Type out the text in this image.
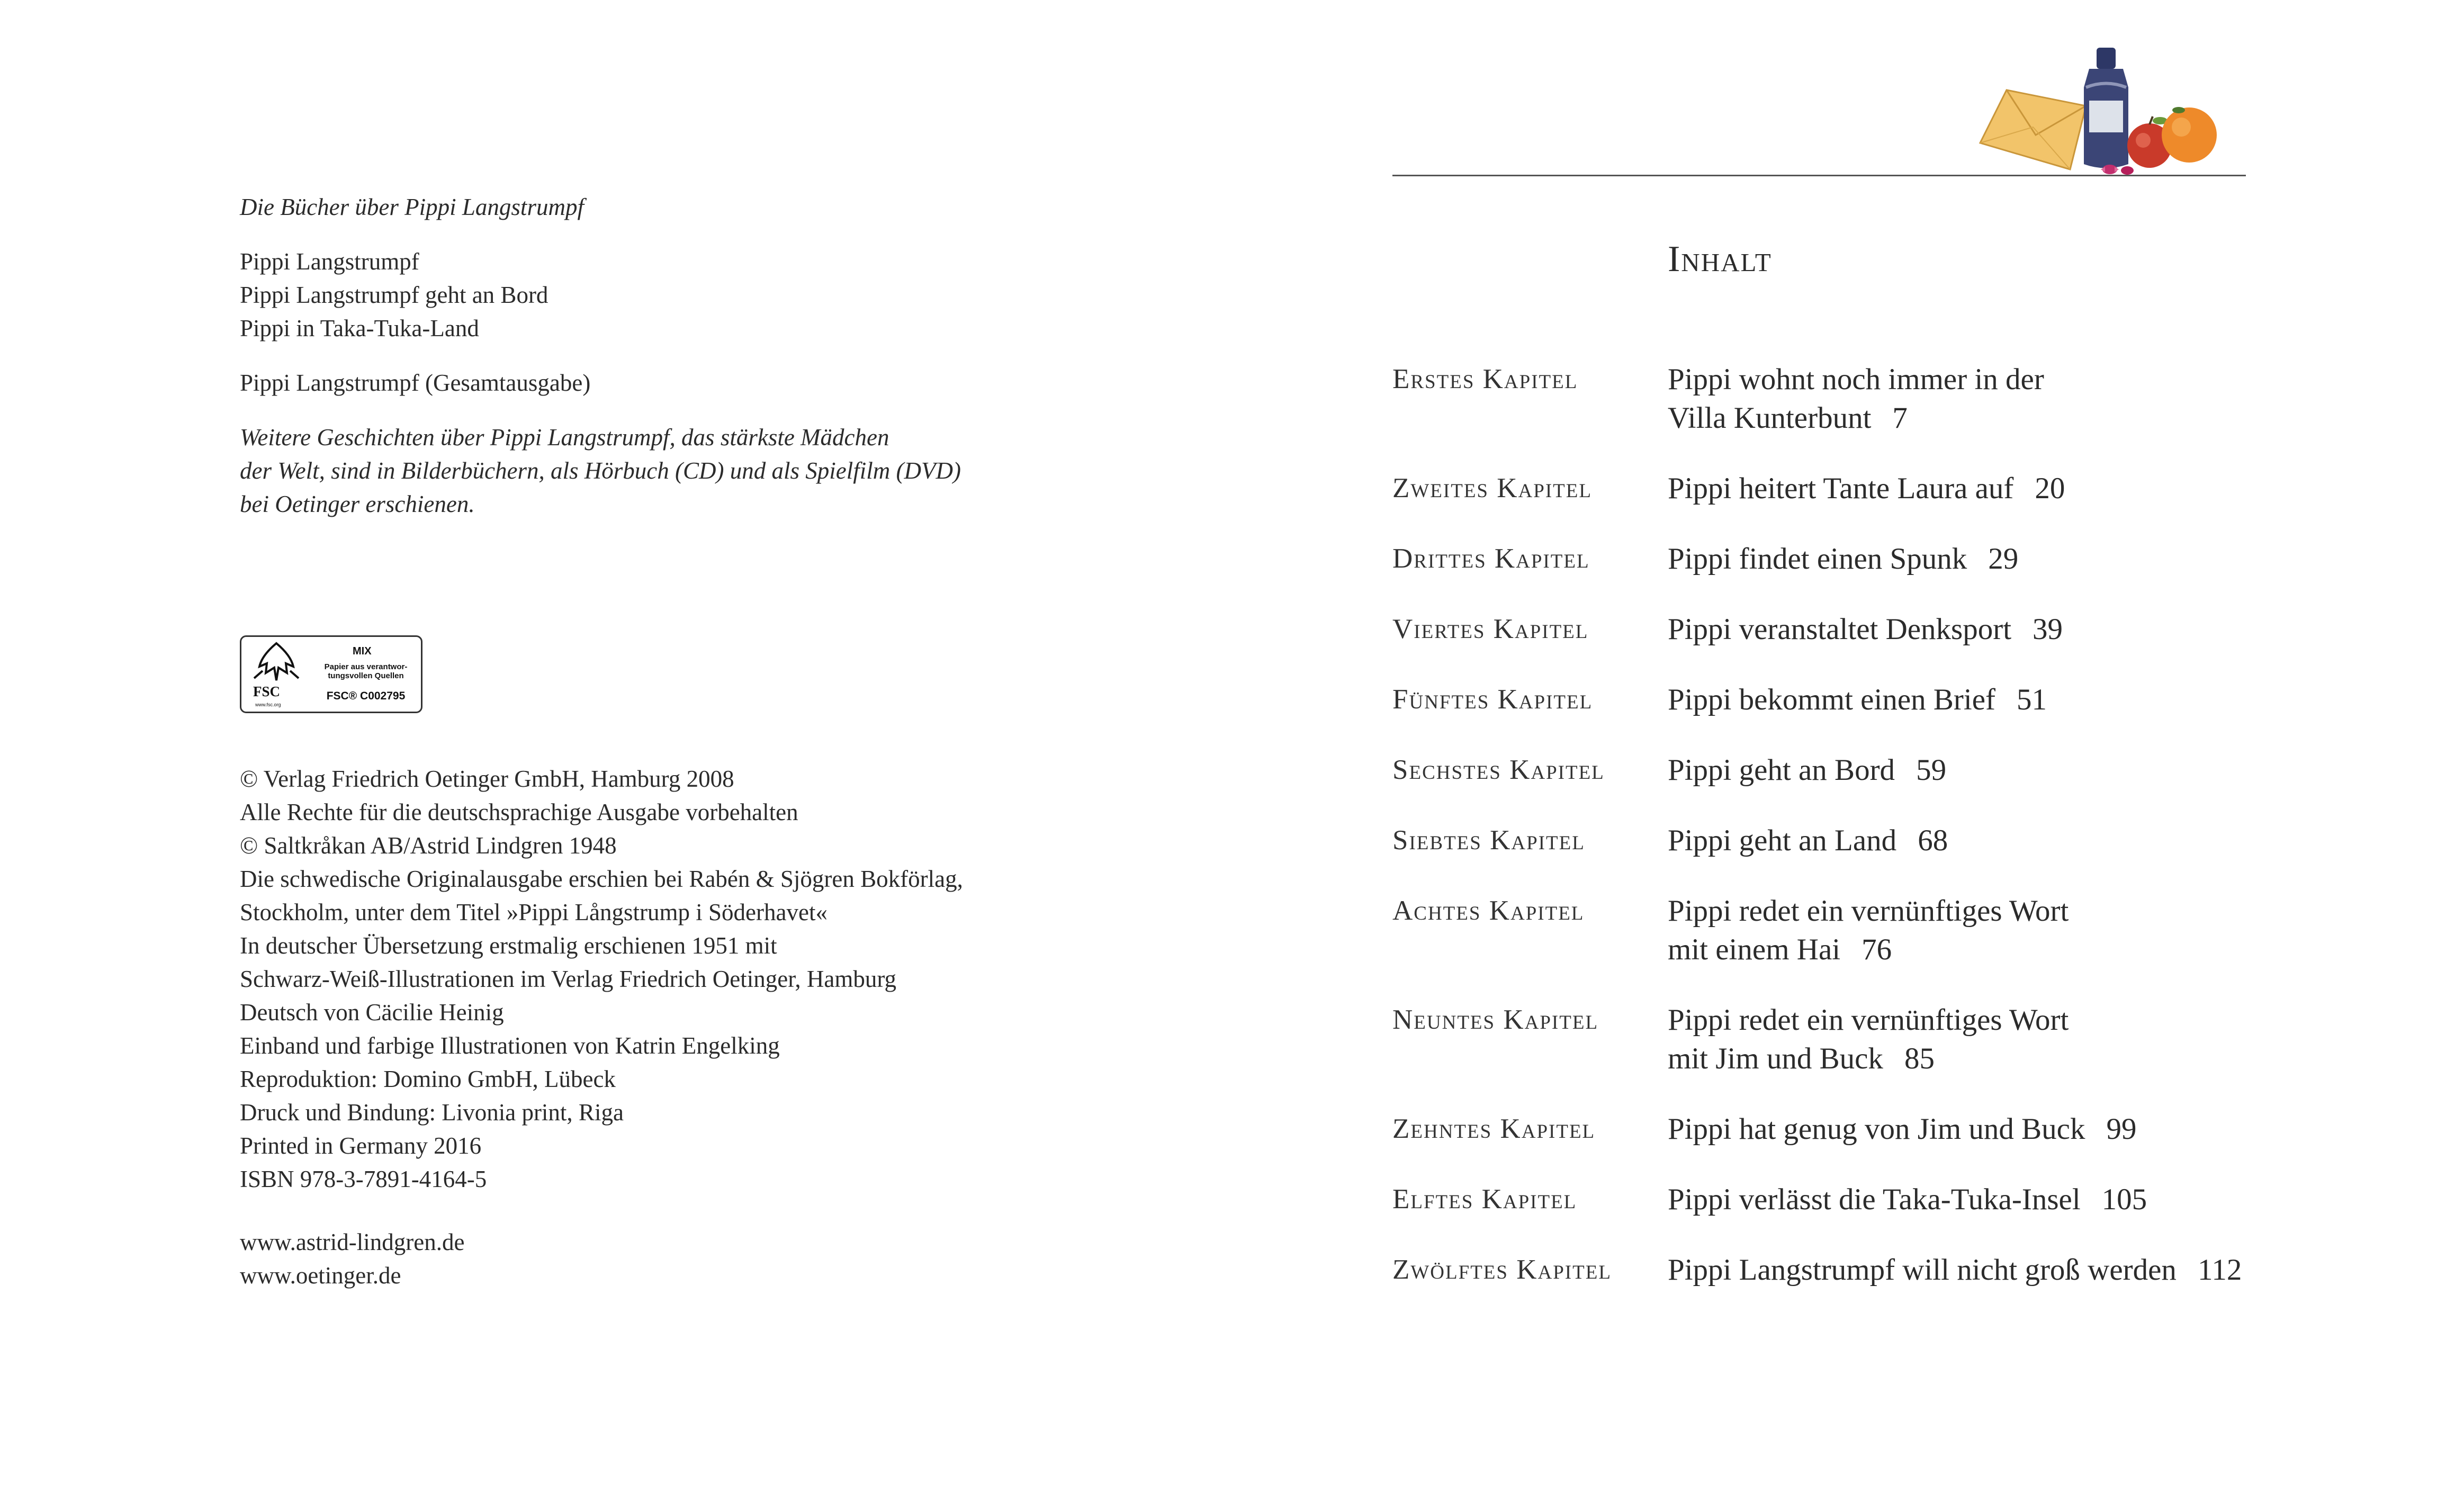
Die Bücher über Pippi Langstrumpf

Pippi Langstrumpf

Pippi Langstrumpf geht an Bord

Pippi in Taka-Tuka-Land

Pippi Langstrumpf (Gesamtausgabe)

Weitere Geschichten über Pippi Langstrumpf, das stärkste Mädchen

der Welt, sind in Bilderbüchern, als Hörbuch (CD) und als Spielfilm (DVD)

bei Oetinger erschienen.

FSC
www.fsc.org
MIX
Papier aus verantwor-
tungsvollen Quellen
FSC® C002795

© Verlag Friedrich Oetinger GmbH, Hamburg 2008

Alle Rechte für die deutschsprachige Ausgabe vorbehalten

© Saltkråkan AB/Astrid Lindgren 1948

Die schwedische Originalausgabe erschien bei Rabén & Sjögren Bokförlag,

Stockholm, unter dem Titel »Pippi Långstrump i Söderhavet«

In deutscher Übersetzung erstmalig erschienen 1951 mit

Schwarz-Weiß-Illustrationen im Verlag Friedrich Oetinger, Hamburg

Deutsch von Cäcilie Heinig

Einband und farbige Illustrationen von Katrin Engelking

Reproduktion: Domino GmbH, Lübeck

Druck und Bindung: Livonia print, Riga

Printed in Germany 2016

ISBN 978-3-7891-4164-5

www.astrid-lindgren.de

www.oetinger.de

Inhalt
Erstes Kapitel	Pippi wohnt noch immer in der
Villa Kunterbunt 7
Zweites Kapitel	Pippi heitert Tante Laura auf 20
Drittes Kapitel	Pippi findet einen Spunk 29
Viertes Kapitel	Pippi veranstaltet Denksport 39
Fünftes Kapitel	Pippi bekommt einen Brief 51
Sechstes Kapitel	Pippi geht an Bord 59
Siebtes Kapitel	Pippi geht an Land 68
Achtes Kapitel	Pippi redet ein vernünftiges Wort
mit einem Hai 76
Neuntes Kapitel	Pippi redet ein vernünftiges Wort
mit Jim und Buck 85
Zehntes Kapitel	Pippi hat genug von Jim und Buck 99
Elftes Kapitel	Pippi verlässt die Taka-Tuka-Insel 105
Zwölftes Kapitel	Pippi Langstrumpf will nicht groß werden 112
